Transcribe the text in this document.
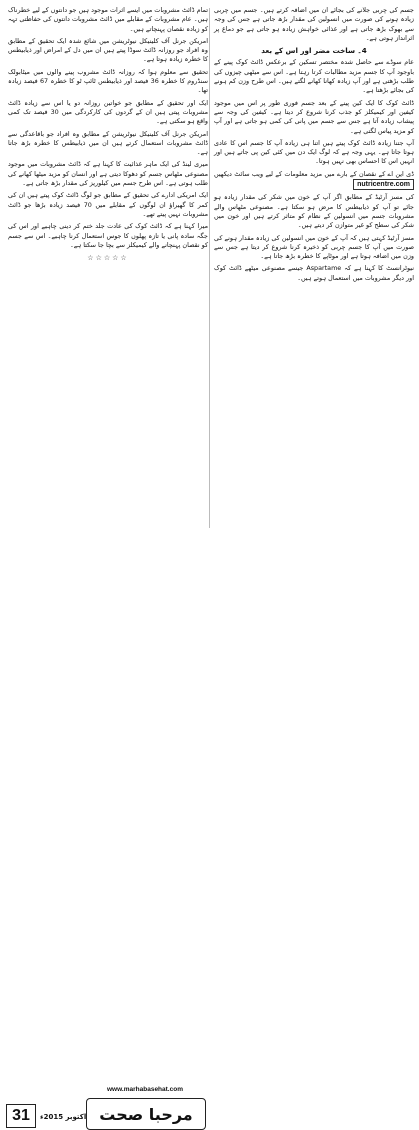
جسم کی چربی جلانے کی بجائے ان میں اضافہ کرتے ہیں۔ جسم میں چربی زیادہ ہونے کی صورت میں انسولین کی مقدار بڑھ جاتی ہے جس کی وجہ سے بھوک بڑھ جاتی ہے اور غذائی خواہش زیادہ ہو جاتی ہے جو دماغ پر اثرانداز ہوتی ہے۔

4۔ ساخت مضر اور اس کے بعد

عام سوڈے سے حاصل شدہ مختصر تسکین کے برعکس ڈائٹ کوک پینے کے باوجود آپ کا جسم مزید مطالبات کرتا رہتا ہے۔ اس سے میٹھی چیزوں کی طلب بڑھتی ہے اور آپ زیادہ کھانا کھانے لگتے ہیں۔ اس طرح وزن کم ہونے کی بجائے بڑھتا ہے۔

ڈائٹ کوک کا ایک کین پینے کے بعد جسم فوری طور پر اس میں موجود کیفین اور کیمیکلز کو جذب کرنا شروع کر دیتا ہے۔ کیفین کی وجہ سے پیشاب زیادہ آتا ہے جس سے جسم میں پانی کی کمی ہو جاتی ہے اور آپ کو مزید پیاس لگتی ہے۔

آپ جتنا زیادہ ڈائٹ کوک پیتے ہیں اتنا ہی زیادہ آپ کا جسم اس کا عادی ہوتا جاتا ہے۔ یہی وجہ ہے کہ لوگ ایک دن میں کئی کین پی جاتے ہیں اور انہیں اس کا احساس بھی نہیں ہوتا۔

ڈی این اے کے نقصان کے بارے میں مزید معلومات کے لیے ویب سائٹ دیکھیں nutricentre.com

کی مسز آرٹیڈ کے مطابق اگر آپ کے خون میں شکر کی مقدار زیادہ ہو جائے تو آپ کو ذیابیطس کا مرض ہو سکتا ہے۔ مصنوعی مٹھاس والے مشروبات جسم میں انسولین کے نظام کو متاثر کرتے ہیں اور خون میں شکر کی سطح کو غیر متوازن کر دیتے ہیں۔

مسز آرٹیڈ کہتی ہیں کہ آپ کے خون میں انسولین کی زیادہ مقدار ہونے کی صورت میں آپ کا جسم چربی کو ذخیرہ کرنا شروع کر دیتا ہے جس سے وزن میں اضافہ ہوتا ہے اور موٹاپے کا خطرہ بڑھ جاتا ہے۔

نیوٹرانسٹ کا کہنا ہے کہ Aspartame جیسے مصنوعی میٹھے ڈائٹ کوک اور دیگر مشروبات میں استعمال ہوتے ہیں۔

تمام ڈائٹ مشروبات میں ایسے اثرات موجود ہیں جو دانتوں کے لیے خطرناک ہیں۔ عام مشروبات کے مقابلے میں ڈائٹ مشروبات دانتوں کی حفاظتی تہہ کو زیادہ نقصان پہنچاتے ہیں۔

امریکن جرنل آف کلینیکل نیوٹریشن میں شائع شدہ ایک تحقیق کے مطابق وہ افراد جو روزانہ ڈائٹ سوڈا پیتے ہیں ان میں دل کے امراض اور ذیابیطس کا خطرہ زیادہ ہوتا ہے۔

تحقیق سے معلوم ہوا کہ روزانہ ڈائٹ مشروب پینے والوں میں میٹابولک سنڈروم کا خطرہ 36 فیصد اور ذیابیطس ٹائپ ٹو کا خطرہ 67 فیصد زیادہ تھا۔

ایک اور تحقیق کے مطابق جو خواتین روزانہ دو یا اس سے زیادہ ڈائٹ مشروبات پیتی ہیں ان کے گردوں کی کارکردگی میں 30 فیصد تک کمی واقع ہو سکتی ہے۔

امریکن جرنل آف کلینیکل نیوٹریشن کے مطابق وہ افراد جو باقاعدگی سے ڈائٹ مشروبات استعمال کرتے ہیں ان میں ذیابیطس کا خطرہ بڑھ جاتا ہے۔

میری لینڈ کی ایک ماہر غذائیت کا کہنا ہے کہ ڈائٹ مشروبات میں موجود مصنوعی مٹھاس جسم کو دھوکا دیتی ہے اور انسان کو مزید میٹھا کھانے کی طلب ہوتی ہے۔ اس طرح جسم میں کیلوریز کی مقدار بڑھ جاتی ہے۔

ایک امریکی ادارے کی تحقیق کے مطابق جو لوگ ڈائٹ کوک پیتے ہیں ان کی کمر کا گھیراؤ ان لوگوں کے مقابلے میں 70 فیصد زیادہ بڑھا جو ڈائٹ مشروبات نہیں پیتے تھے۔

میرا کہنا ہے کہ ڈائٹ کوک کی عادت جلد ختم کر دینی چاہیے اور اس کی جگہ سادہ پانی یا تازہ پھلوں کا جوس استعمال کرنا چاہیے۔ اس سے جسم کو نقصان پہنچانے والے کیمیکلز سے بچا جا سکتا ہے۔

☆☆☆☆☆
www.marhabasehat.com
مرحبا صحت
اکتوبر 2015ء
31
